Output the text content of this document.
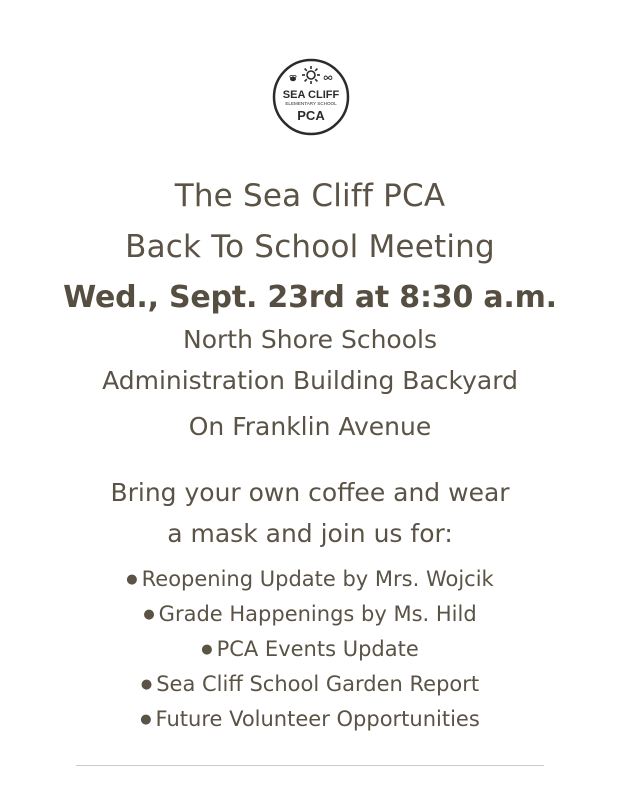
SEA CLIFF
ELEMENTARY SCHOOL
PCA
The Sea Cliff PCA
Back To School Meeting
Wed., Sept. 23rd at 8:30 a.m.
North Shore Schools
Administration Building Backyard
On Franklin Avenue
Bring your own coffee and wear
a mask and join us for:
● Reopening Update by Mrs. Wojcik
● Grade Happenings by Ms. Hild
● PCA Events Update
● Sea Cliff School Garden Report
● Future Volunteer Opportunities
